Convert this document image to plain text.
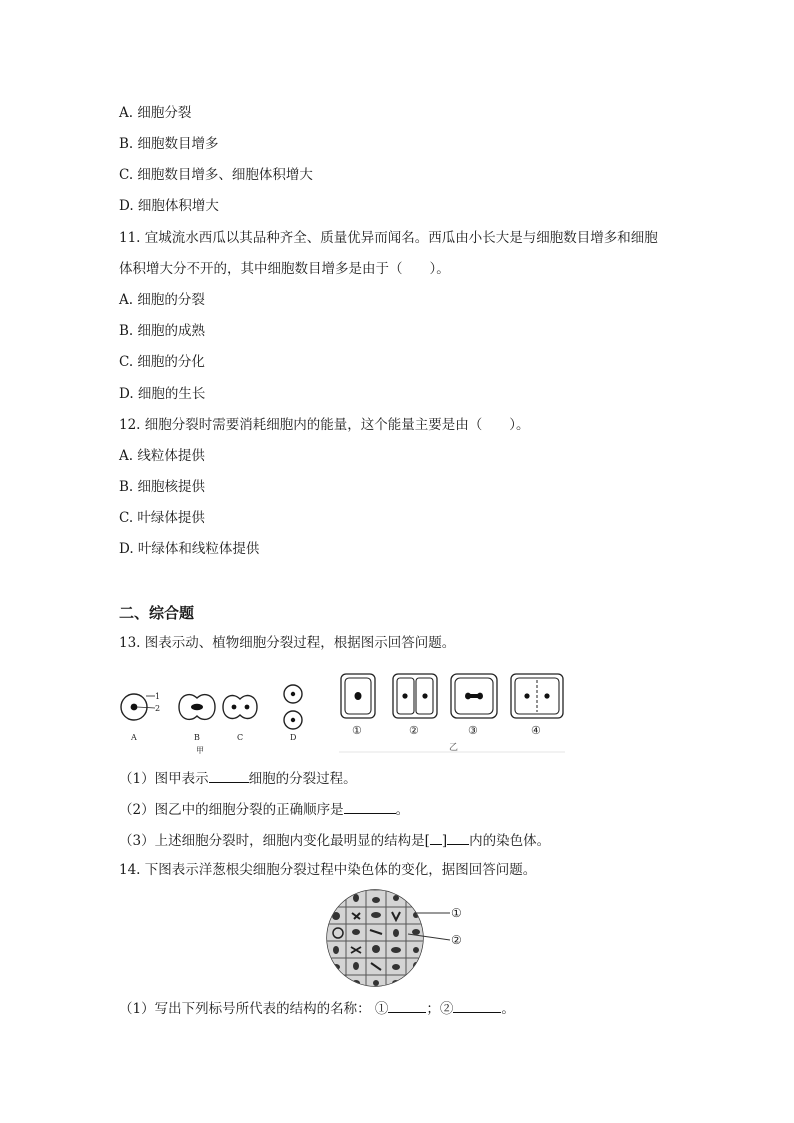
A. 细胞分裂
B. 细胞数目增多
C. 细胞数目增多、细胞体积增大
D. 细胞体积增大
11. 宜城流水西瓜以其品种齐全、质量优异而闻名。西瓜由小长大是与细胞数目增多和细胞
体积增大分不开的，其中细胞数目增多是由于（　　）。
A. 细胞的分裂
B. 细胞的成熟
C. 细胞的分化
D. 细胞的生长
12. 细胞分裂时需要消耗细胞内的能量，这个能量主要是由（　　）。
A. 线粒体提供
B. 细胞核提供
C. 叶绿体提供
D. 叶绿体和线粒体提供
二、综合题
13. 图表示动、植物细胞分裂过程，根据图示回答问题。
1
2
A	B	C	D
甲
①	②	③	④
乙
（1）图甲表示	细胞的分裂过程。
（2）图乙中的细胞分裂的正确顺序是	。
（3）上述细胞分裂时，细胞内变化最明显的结构是[ ] 内的染色体。
14. 下图表示洋葱根尖细胞分裂过程中染色体的变化，据图回答问题。
①
②
（1）写出下列标号所代表的结构的名称： ①	；②	。
